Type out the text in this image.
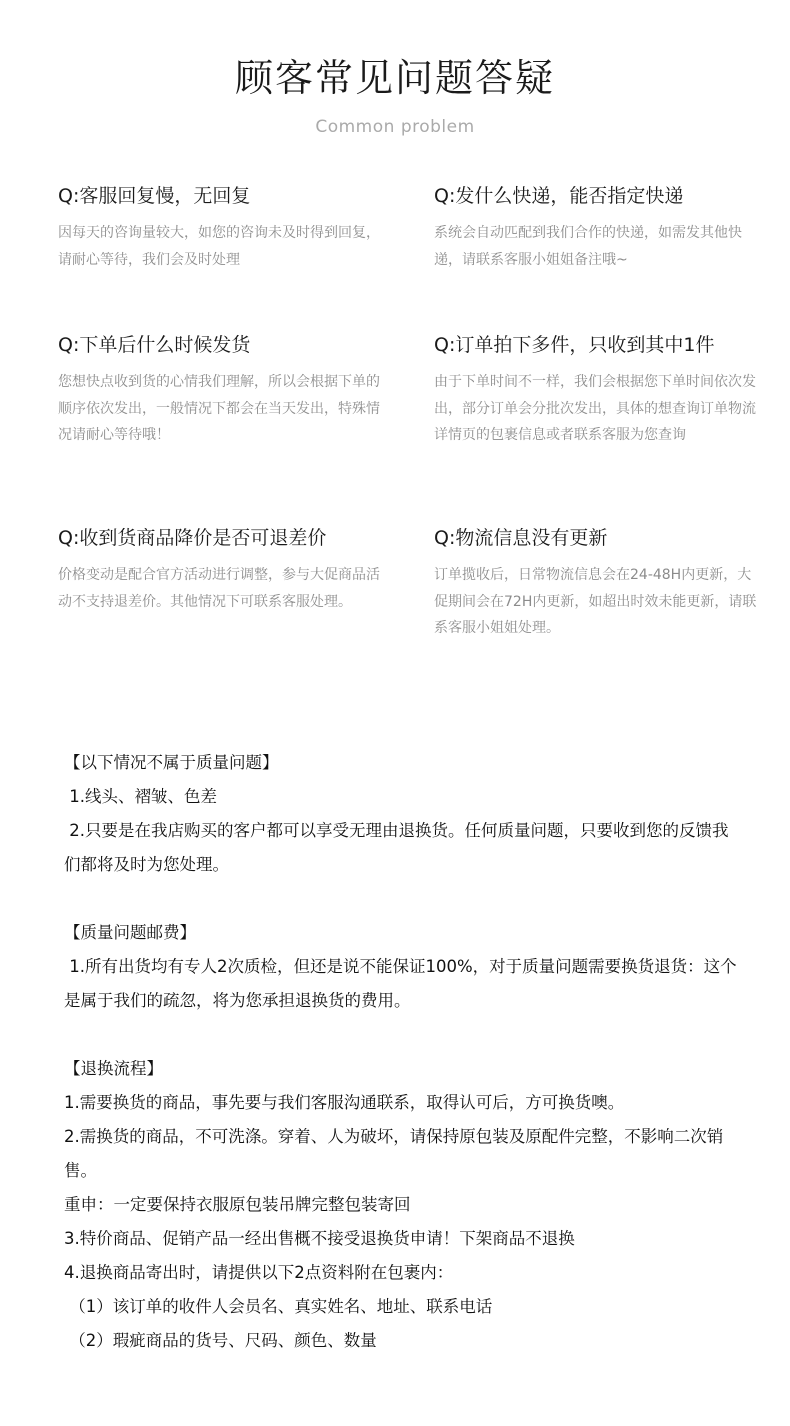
顾客常见问题答疑
Common problem
Q:客服回复慢，无回复
因每天的咨询量较大，如您的咨询未及时得到回复，请耐心等待，我们会及时处理
Q:发什么快递，能否指定快递
系统会自动匹配到我们合作的快递，如需发其他快递，请联系客服小姐姐备注哦~
Q:下单后什么时候发货
您想快点收到货的心情我们理解，所以会根据下单的顺序依次发出，一般情况下都会在当天发出，特殊情况请耐心等待哦！
Q:订单拍下多件，只收到其中1件
由于下单时间不一样，我们会根据您下单时间依次发出，部分订单会分批次发出，具体的想查询订单物流详情页的包裹信息或者联系客服为您查询
Q:收到货商品降价是否可退差价
价格变动是配合官方活动进行调整，参与大促商品活动不支持退差价。其他情况下可联系客服处理。
Q:物流信息没有更新
订单揽收后，日常物流信息会在24-48H内更新，大促期间会在72H内更新，如超出时效未能更新，请联系客服小姐姐处理。
【以下情况不属于质量问题】
1.线头、褶皱、色差
2.只要是在我店购买的客户都可以享受无理由退换货。任何质量问题，只要收到您的反馈我们都将及时为您处理。
【质量问题邮费】
1.所有出货均有专人2次质检，但还是说不能保证100%，对于质量问题需要换货退货：这个是属于我们的疏忽，将为您承担退换货的费用。
【退换流程】
1.需要换货的商品，事先要与我们客服沟通联系，取得认可后，方可换货噢。
2.需换货的商品，不可洗涤。穿着、人为破坏，请保持原包装及原配件完整，不影响二次销售。
重申：一定要保持衣服原包装吊牌完整包装寄回
3.特价商品、促销产品一经出售概不接受退换货申请！下架商品不退换
4.退换商品寄出时，请提供以下2点资料附在包裹内：
（1）该订单的收件人会员名、真实姓名、地址、联系电话
（2）瑕疵商品的货号、尺码、颜色、数量
